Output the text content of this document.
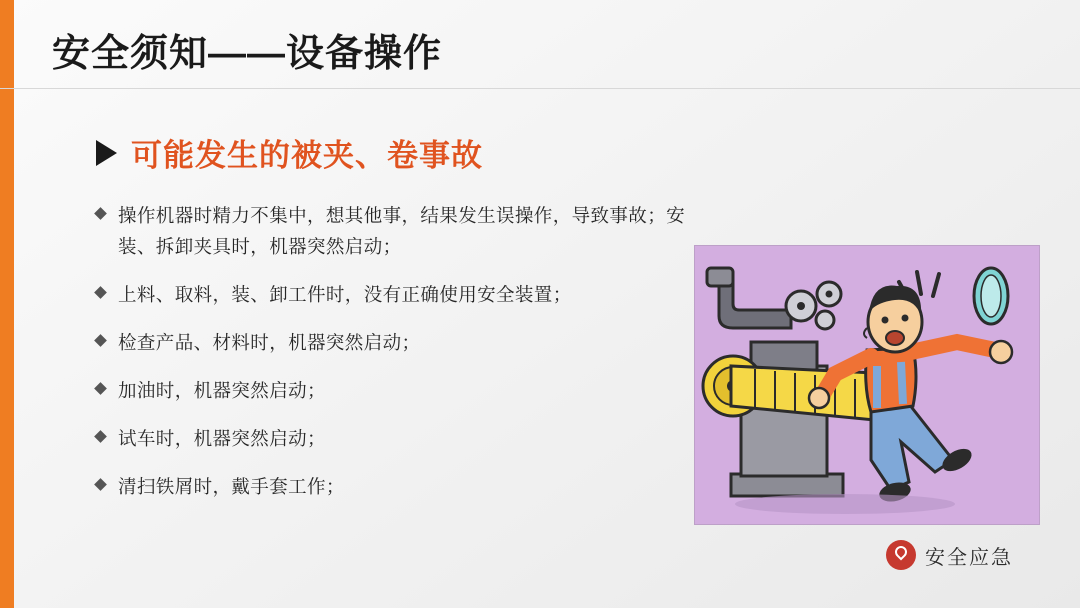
安全须知——设备操作
可能发生的被夹、卷事故
操作机器时精力不集中，想其他事，结果发生误操作，导致事故；安装、拆卸夹具时，机器突然启动；
上料、取料，装、卸工件时，没有正确使用安全装置；
检查产品、材料时，机器突然启动；
加油时，机器突然启动；
试车时，机器突然启动；
清扫铁屑时，戴手套工作；
安全应急
